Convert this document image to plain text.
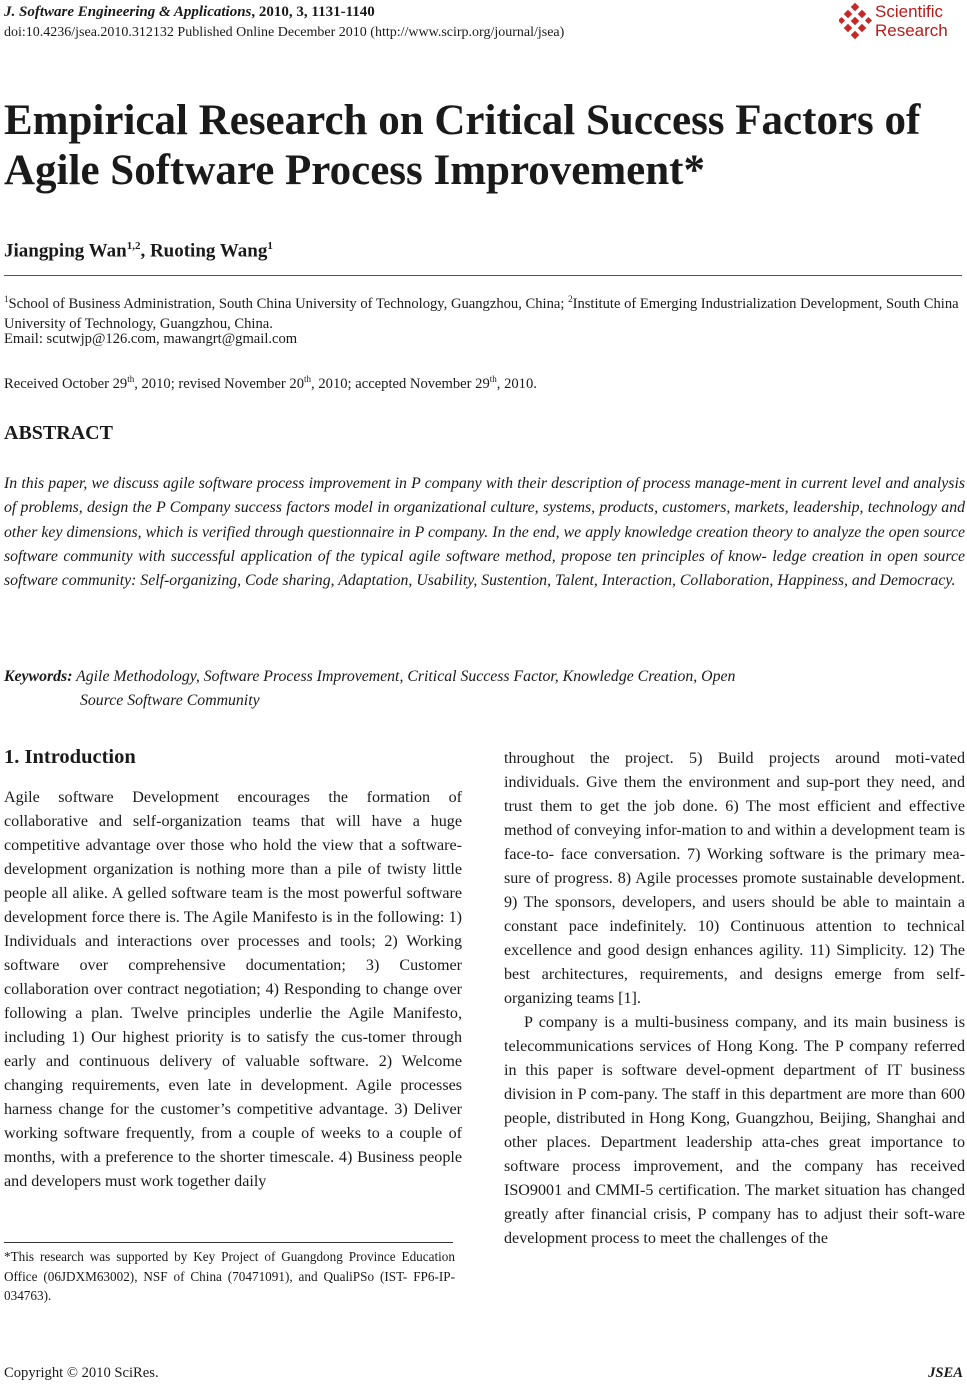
J. Software Engineering & Applications, 2010, 3, 1131-1140
doi:10.4236/jsea.2010.312132 Published Online December 2010 (http://www.scirp.org/journal/jsea)
Scientific
Research
Empirical Research on Critical Success Factors of
Agile Software Process Improvement*
Jiangping Wan$^{1,2}$, Ruoting Wang$^1$
$^1$School of Business Administration, South China University of Technology, Guangzhou, China; $^2$Institute of Emerging Industrialization Development, South China University of Technology, Guangzhou, China.
Email: scutwjp@126.com, mawangrt@gmail.com
Received October 29th, 2010; revised November 20th, 2010; accepted November 29th, 2010.
ABSTRACT

In this paper, we discuss agile software process improvement in P company with their description of process manage-ment in current level and analysis of problems, design the P Company success factors model in organizational culture, systems, products, customers, markets, leadership, technology and other key dimensions, which is verified through questionnaire in P company. In the end, we apply knowledge creation theory to analyze the open source software community with successful application of the typical agile software method, propose ten principles of know- ledge creation in open source software community: Self-organizing, Code sharing, Adaptation, Usability, Sustention, Talent, Interaction, Collaboration, Happiness, and Democracy.

Keywords: Agile Methodology, Software Process Improvement, Critical Success Factor, Knowledge Creation, Open
Source Software Community
1. Introduction

Agile software Development encourages the formation of collaborative and self-organization teams that will have a huge competitive advantage over those who hold the view that a software-development organization is nothing more than a pile of twisty little people all alike. A gelled software team is the most powerful software development force there is. The Agile Manifesto is in the following: 1) Individuals and interactions over processes and tools; 2) Working software over comprehensive documentation; 3) Customer collaboration over contract negotiation; 4) Responding to change over following a plan. Twelve principles underlie the Agile Manifesto, including 1) Our highest priority is to satisfy the cus-tomer through early and continuous delivery of valuable software. 2) Welcome changing requirements, even late in development. Agile processes harness change for the customer’s competitive advantage. 3) Deliver working software frequently, from a couple of weeks to a couple of months, with a preference to the shorter timescale. 4) Business people and developers must work together daily

throughout the project. 5) Build projects around moti-vated individuals. Give them the environment and sup-port they need, and trust them to get the job done. 6) The most efficient and effective method of conveying infor-mation to and within a development team is face-to- face conversation. 7) Working software is the primary mea-sure of progress. 8) Agile processes promote sustainable development. 9) The sponsors, developers, and users should be able to maintain a constant pace indefinitely. 10) Continuous attention to technical excellence and good design enhances agility. 11) Simplicity. 12) The best architectures, requirements, and designs emerge from self-organizing teams [1].

P company is a multi-business company, and its main business is telecommunications services of Hong Kong. The P company referred in this paper is software devel-opment department of IT business division in P com-pany. The staff in this department are more than 600 people, distributed in Hong Kong, Guangzhou, Beijing, Shanghai and other places. Department leadership atta-ches great importance to software process improvement, and the company has received ISO9001 and CMMI-5 certification. The market situation has changed greatly after financial crisis, P company has to adjust their soft-ware development process to meet the challenges of the

*This research was supported by Key Project of Guangdong Province Education Office (06JDXM63002), NSF of China (70471091), and QualiPSo (IST- FP6-IP-034763).

Copyright © 2010 SciRes.	JSEA
